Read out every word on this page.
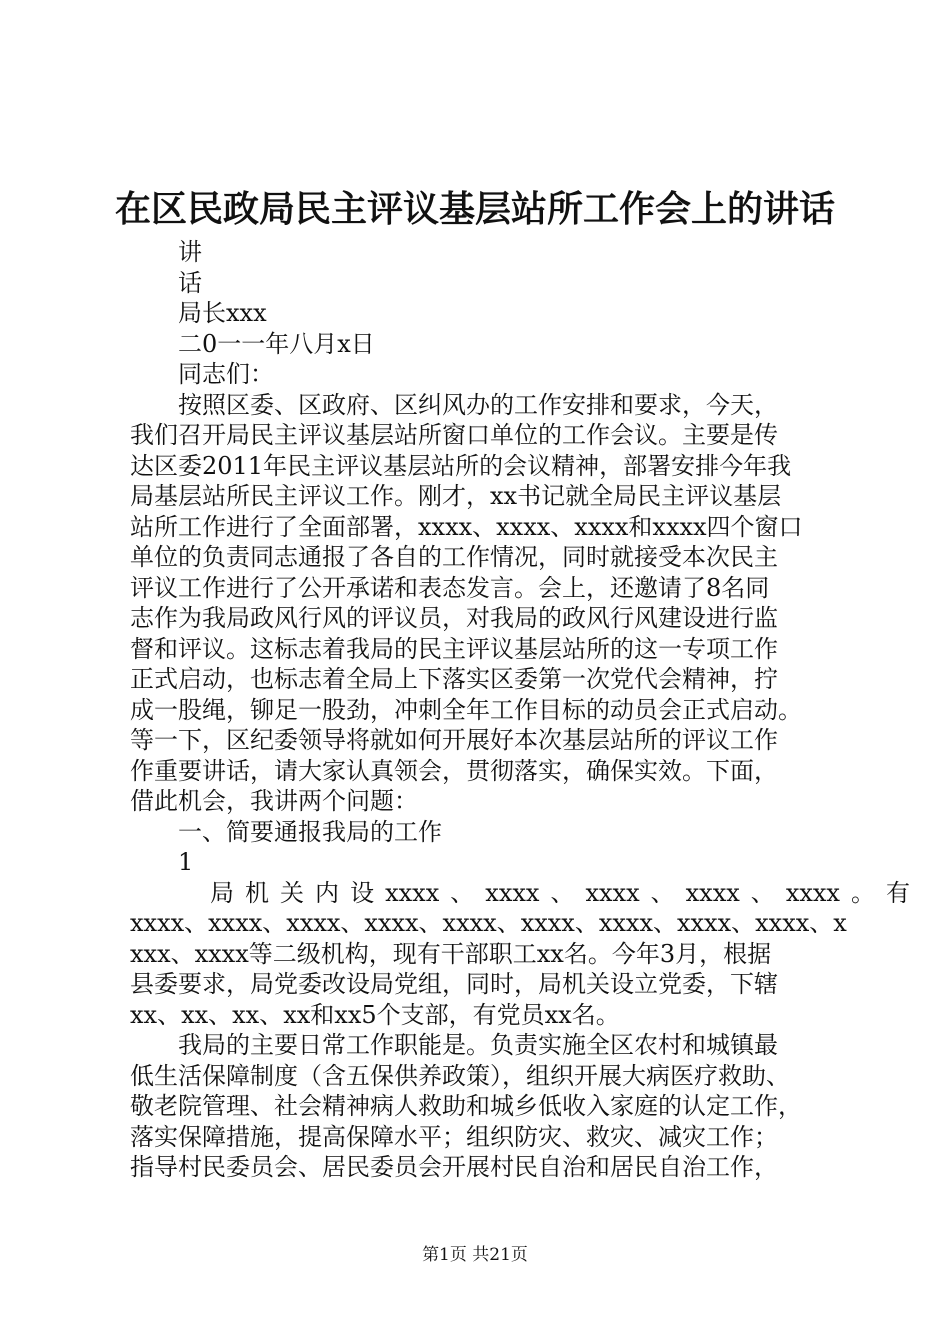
在区民政局民主评议基层站所工作会上的讲话
讲
话
局长xxx
二0一一年八月x日
同志们：
按照区委、区政府、区纠风办的工作安排和要求，今天，
我们召开局民主评议基层站所窗口单位的工作会议。主要是传
达区委2011年民主评议基层站所的会议精神，部署安排今年我
局基层站所民主评议工作。刚才，xx书记就全局民主评议基层
站所工作进行了全面部署，xxxx、xxxx、xxxx和xxxx四个窗口
单位的负责同志通报了各自的工作情况，同时就接受本次民主
评议工作进行了公开承诺和表态发言。会上，还邀请了8名同
志作为我局政风行风的评议员，对我局的政风行风建设进行监
督和评议。这标志着我局的民主评议基层站所的这一专项工作
正式启动，也标志着全局上下落实区委第一次党代会精神，拧
成一股绳，铆足一股劲，冲刺全年工作目标的动员会正式启动。
等一下，区纪委领导将就如何开展好本次基层站所的评议工作
作重要讲话，请大家认真领会，贯彻落实，确保实效。下面，
借此机会，我讲两个问题：
一、简要通报我局的工作
1
局机关内设xxxx、xxxx、xxxx、xxxx、xxxx。有
xxxx、xxxx、xxxx、xxxx、xxxx、xxxx、xxxx、xxxx、xxxx、x
xxx、xxxx等二级机构，现有干部职工xx名。今年3月，根据
县委要求，局党委改设局党组，同时，局机关设立党委，下辖
xx、xx、xx、xx和xx5个支部，有党员xx名。
我局的主要日常工作职能是。负责实施全区农村和城镇最
低生活保障制度（含五保供养政策），组织开展大病医疗救助、
敬老院管理、社会精神病人救助和城乡低收入家庭的认定工作，
落实保障措施，提高保障水平；组织防灾、救灾、减灾工作；
指导村民委员会、居民委员会开展村民自治和居民自治工作，
第1页 共21页
